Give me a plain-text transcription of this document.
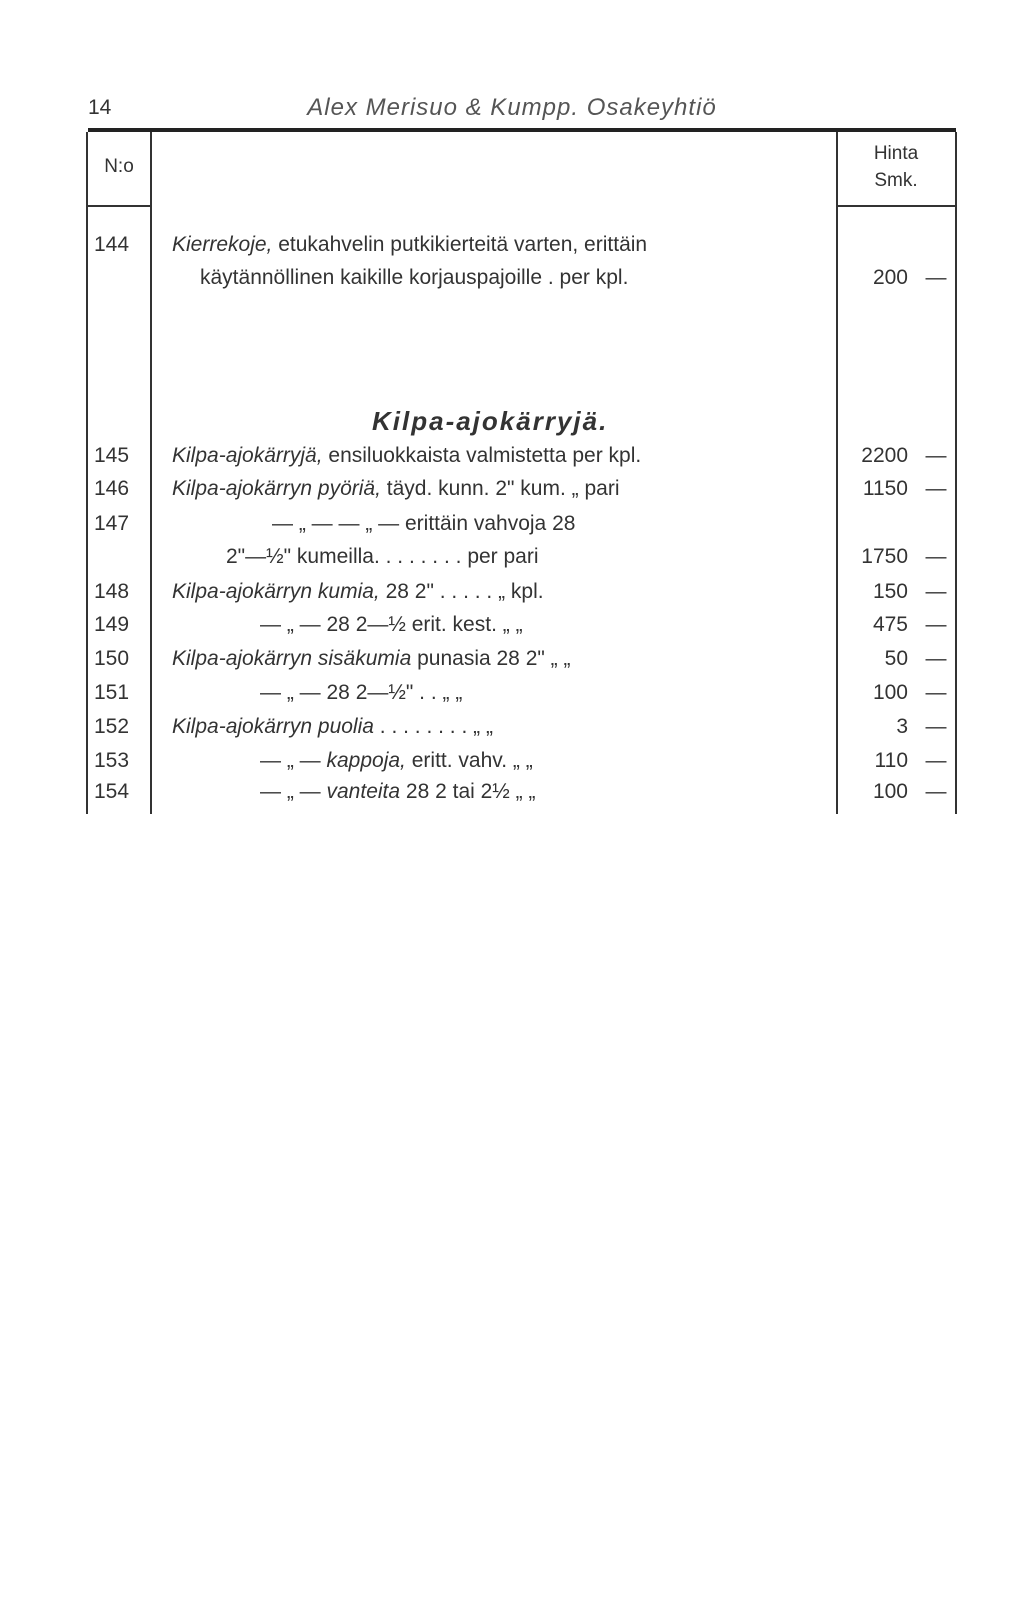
14	Alex Merisuo & Kumpp. Osakeyhtiö
N:o
Hinta
Smk.
144	Kierrekoje, etukahvelin putkikierteitä varten, erittäin
käytännöllinen kaikille korjauspajoille . per kpl.	200 —
Kilpa-ajokärryjä.
145	Kilpa-ajokärryjä, ensiluokkaista valmistetta per kpl.	2200 —
146	Kilpa-ajokärryn pyöriä, täyd. kunn. 2" kum. „ pari	1150 —
147	— „ — — „ — erittäin vahvoja 28
2"—½" kumeilla. . . . . . . . per pari	1750 —
148	Kilpa-ajokärryn kumia, 28 2" . . . . . „ kpl.	150 —
149	— „ — 28 2—½ erit. kest. „ „	475 —
150	Kilpa-ajokärryn sisäkumia punasia 28 2" „ „	50 —
151	— „ — 28 2—½" . . „ „	100 —
152	Kilpa-ajokärryn puolia . . . . . . . . „ „	3 —
153	— „ — kappoja, eritt. vahv. „ „	110 —
154	— „ — vanteita 28 2 tai 2½ „ „	100 —
